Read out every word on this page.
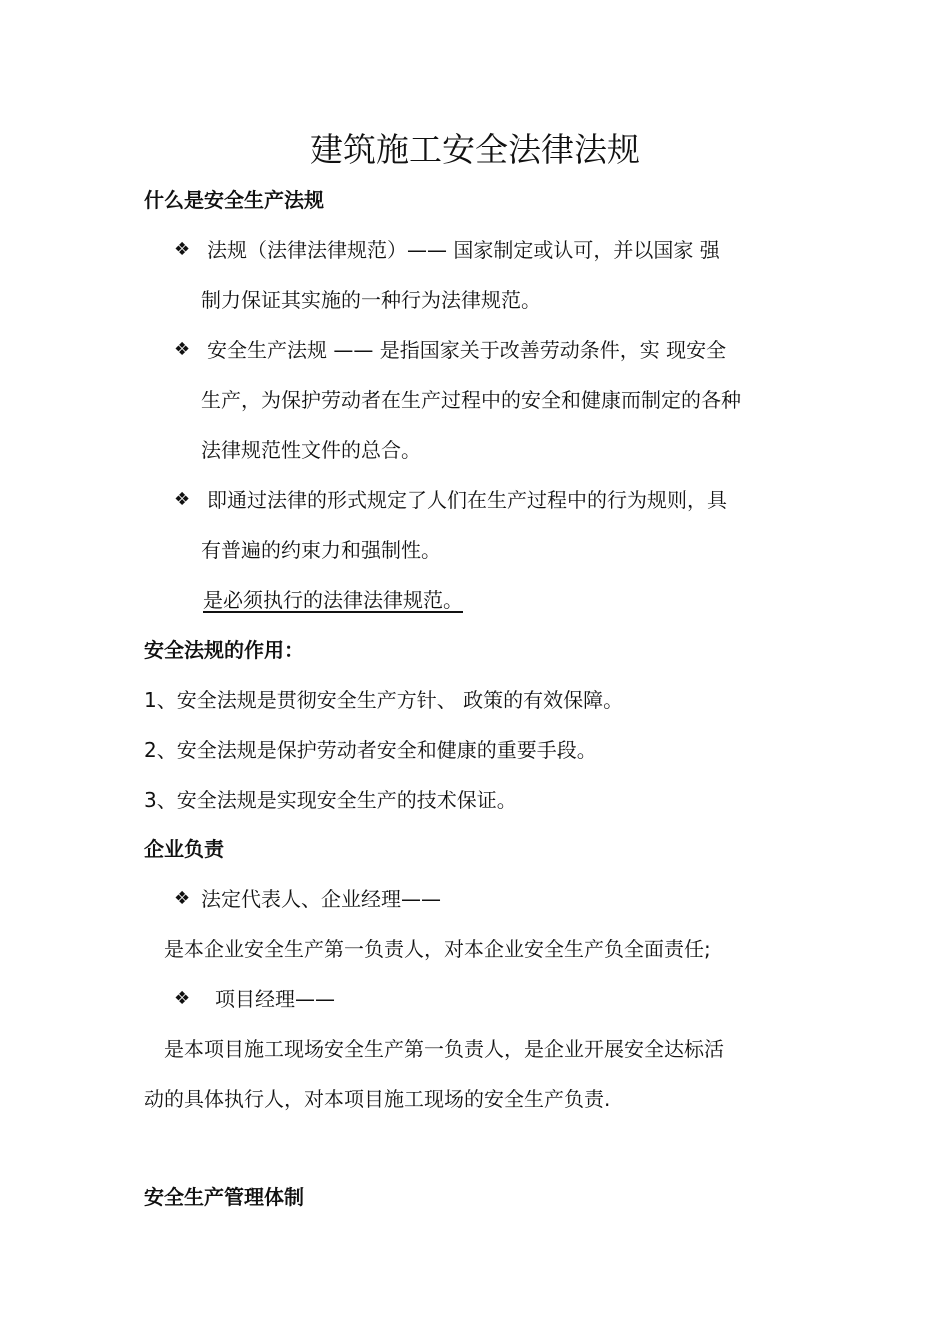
建筑施工安全法律法规
什么是安全生产法规
❖ 法规（法律法律规范）—— 国家制定或认可，并以国家 强
制力保证其实施的一种行为法律规范。
❖ 安全生产法规 —— 是指国家关于改善劳动条件，实 现安全
生产，为保护劳动者在生产过程中的安全和健康而制定的各种
法律规范性文件的总合。
❖ 即通过法律的形式规定了人们在生产过程中的行为规则，具
有普遍的约束力和强制性。
是必须执行的法律法律规范。
安全法规的作用：
1、安全法规是贯彻安全生产方针、 政策的有效保障。
2、安全法规是保护劳动者安全和健康的重要手段。
3、安全法规是实现安全生产的技术保证。
企业负责
❖ 法定代表人、企业经理——
是本企业安全生产第一负责人，对本企业安全生产负全面责任;
❖ 项目经理——
是本项目施工现场安全生产第一负责人，是企业开展安全达标活
动的具体执行人，对本项目施工现场的安全生产负责.
安全生产管理体制
